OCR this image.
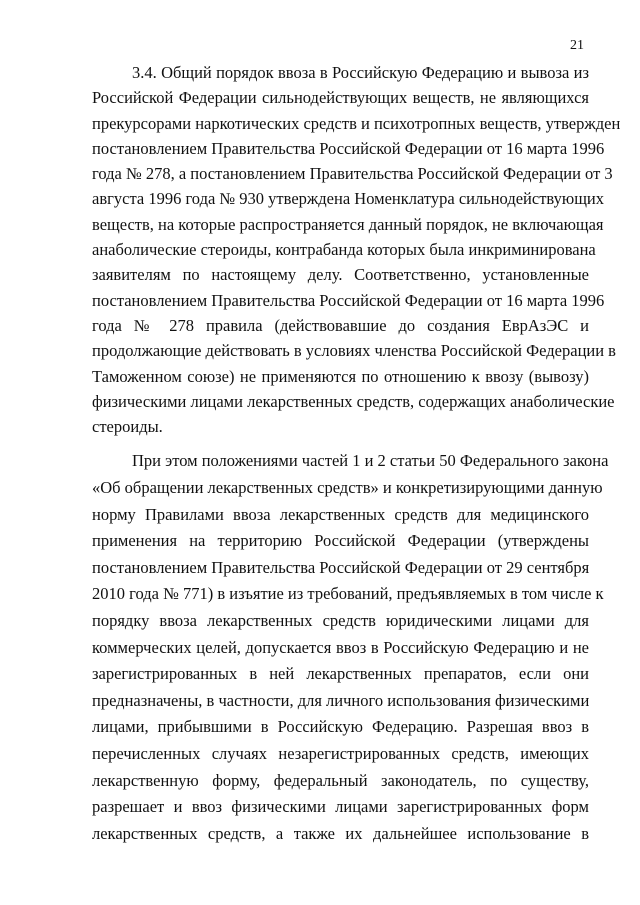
21

3.4. Общий порядок ввоза в Российскую Федерацию и вывоза из
Российской Федерации сильнодействующих веществ, не являющихся
прекурсорами наркотических средств и психотропных веществ, утвержден
постановлением Правительства Российской Федерации от 16 марта 1996
года № 278, а постановлением Правительства Российской Федерации от 3
августа 1996 года № 930 утверждена Номенклатура сильнодействующих
веществ, на которые распространяется данный порядок, не включающая
анаболические стероиды, контрабанда которых была инкриминирована
заявителям по настоящему делу. Соответственно, установленные
постановлением Правительства Российской Федерации от 16 марта 1996
года № 278 правила (действовавшие до создания ЕврАзЭС и
продолжающие действовать в условиях членства Российской Федерации в
Таможенном союзе) не применяются по отношению к ввозу (вывозу)
физическими лицами лекарственных средств, содержащих анаболические
стероиды.

При этом положениями частей 1 и 2 статьи 50 Федерального закона
«Об обращении лекарственных средств» и конкретизирующими данную
норму Правилами ввоза лекарственных средств для медицинского
применения на территорию Российской Федерации (утверждены
постановлением Правительства Российской Федерации от 29 сентября
2010 года № 771) в изъятие из требований, предъявляемых в том числе к
порядку ввоза лекарственных средств юридическими лицами для
коммерческих целей, допускается ввоз в Российскую Федерацию и не
зарегистрированных в ней лекарственных препаратов, если они
предназначены, в частности, для личного использования физическими
лицами, прибывшими в Российскую Федерацию. Разрешая ввоз в
перечисленных случаях незарегистрированных средств, имеющих
лекарственную форму, федеральный законодатель, по существу,
разрешает и ввоз физическими лицами зарегистрированных форм
лекарственных средств, а также их дальнейшее использование в
